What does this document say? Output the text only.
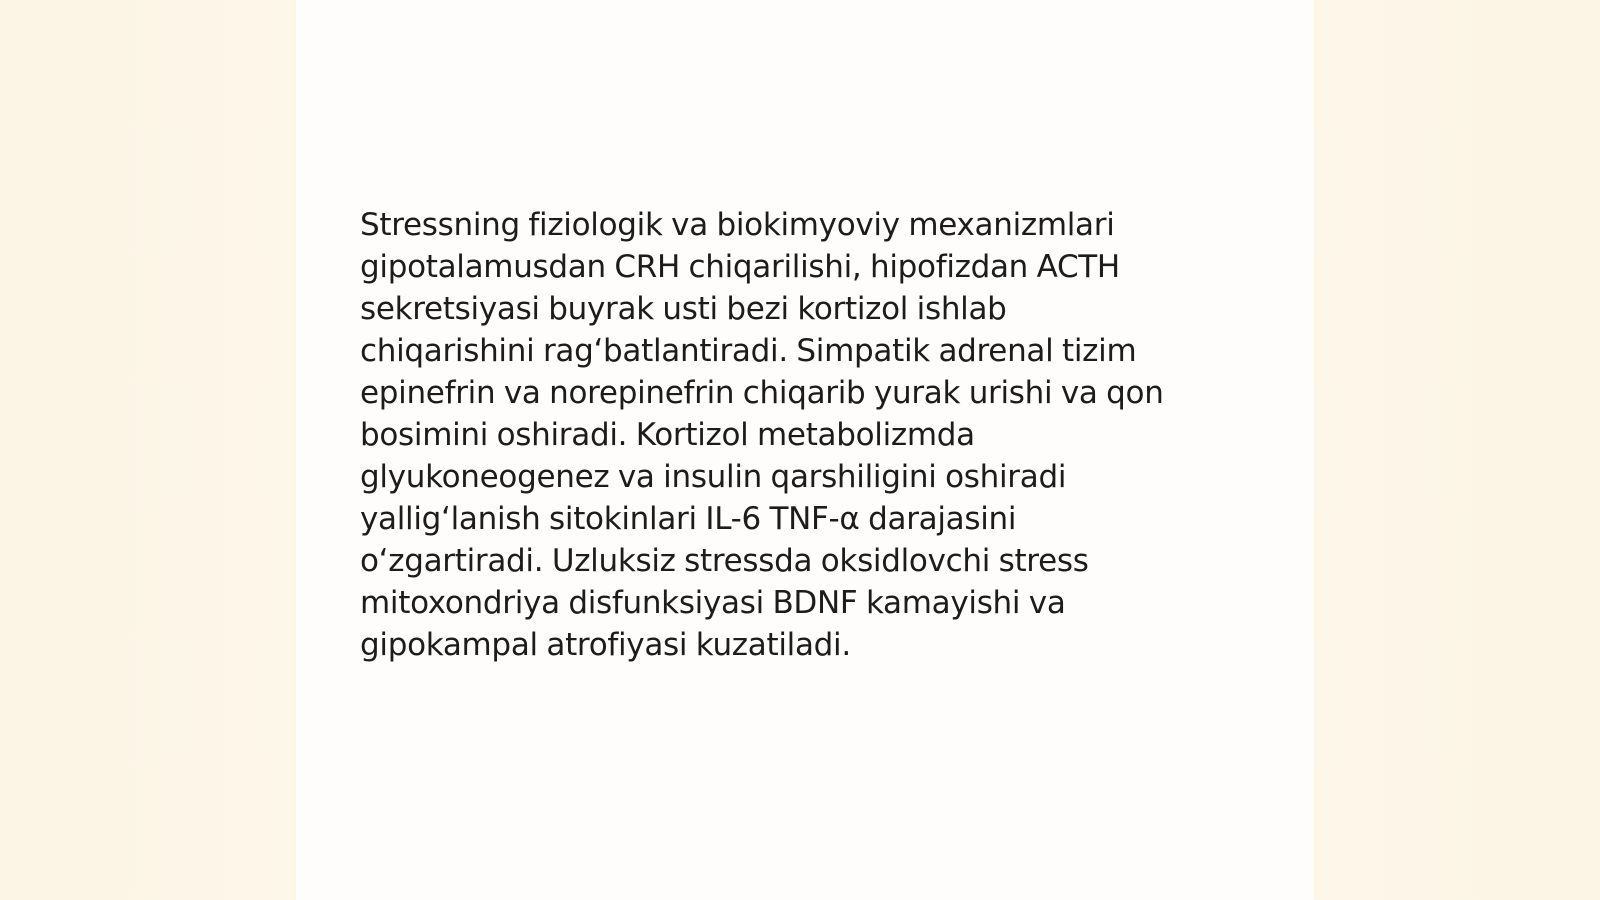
Stressning fiziologik va biokimyoviy mexanizmlari
gipotalamusdan CRH chiqarilishi, hipofizdan ACTH
sekretsiyasi buyrak usti bezi kortizol ishlab
chiqarishini rag‘batlantiradi. Simpatik adrenal tizim
epinefrin va norepinefrin chiqarib yurak urishi va qon
bosimini oshiradi. Kortizol metabolizmda
glyukoneogenez va insulin qarshiligini oshiradi
yallig‘lanish sitokinlari IL-6 TNF-α darajasini
o‘zgartiradi. Uzluksiz stressda oksidlovchi stress
mitoxondriya disfunksiyasi BDNF kamayishi va
gipokampal atrofiyasi kuzatiladi.
